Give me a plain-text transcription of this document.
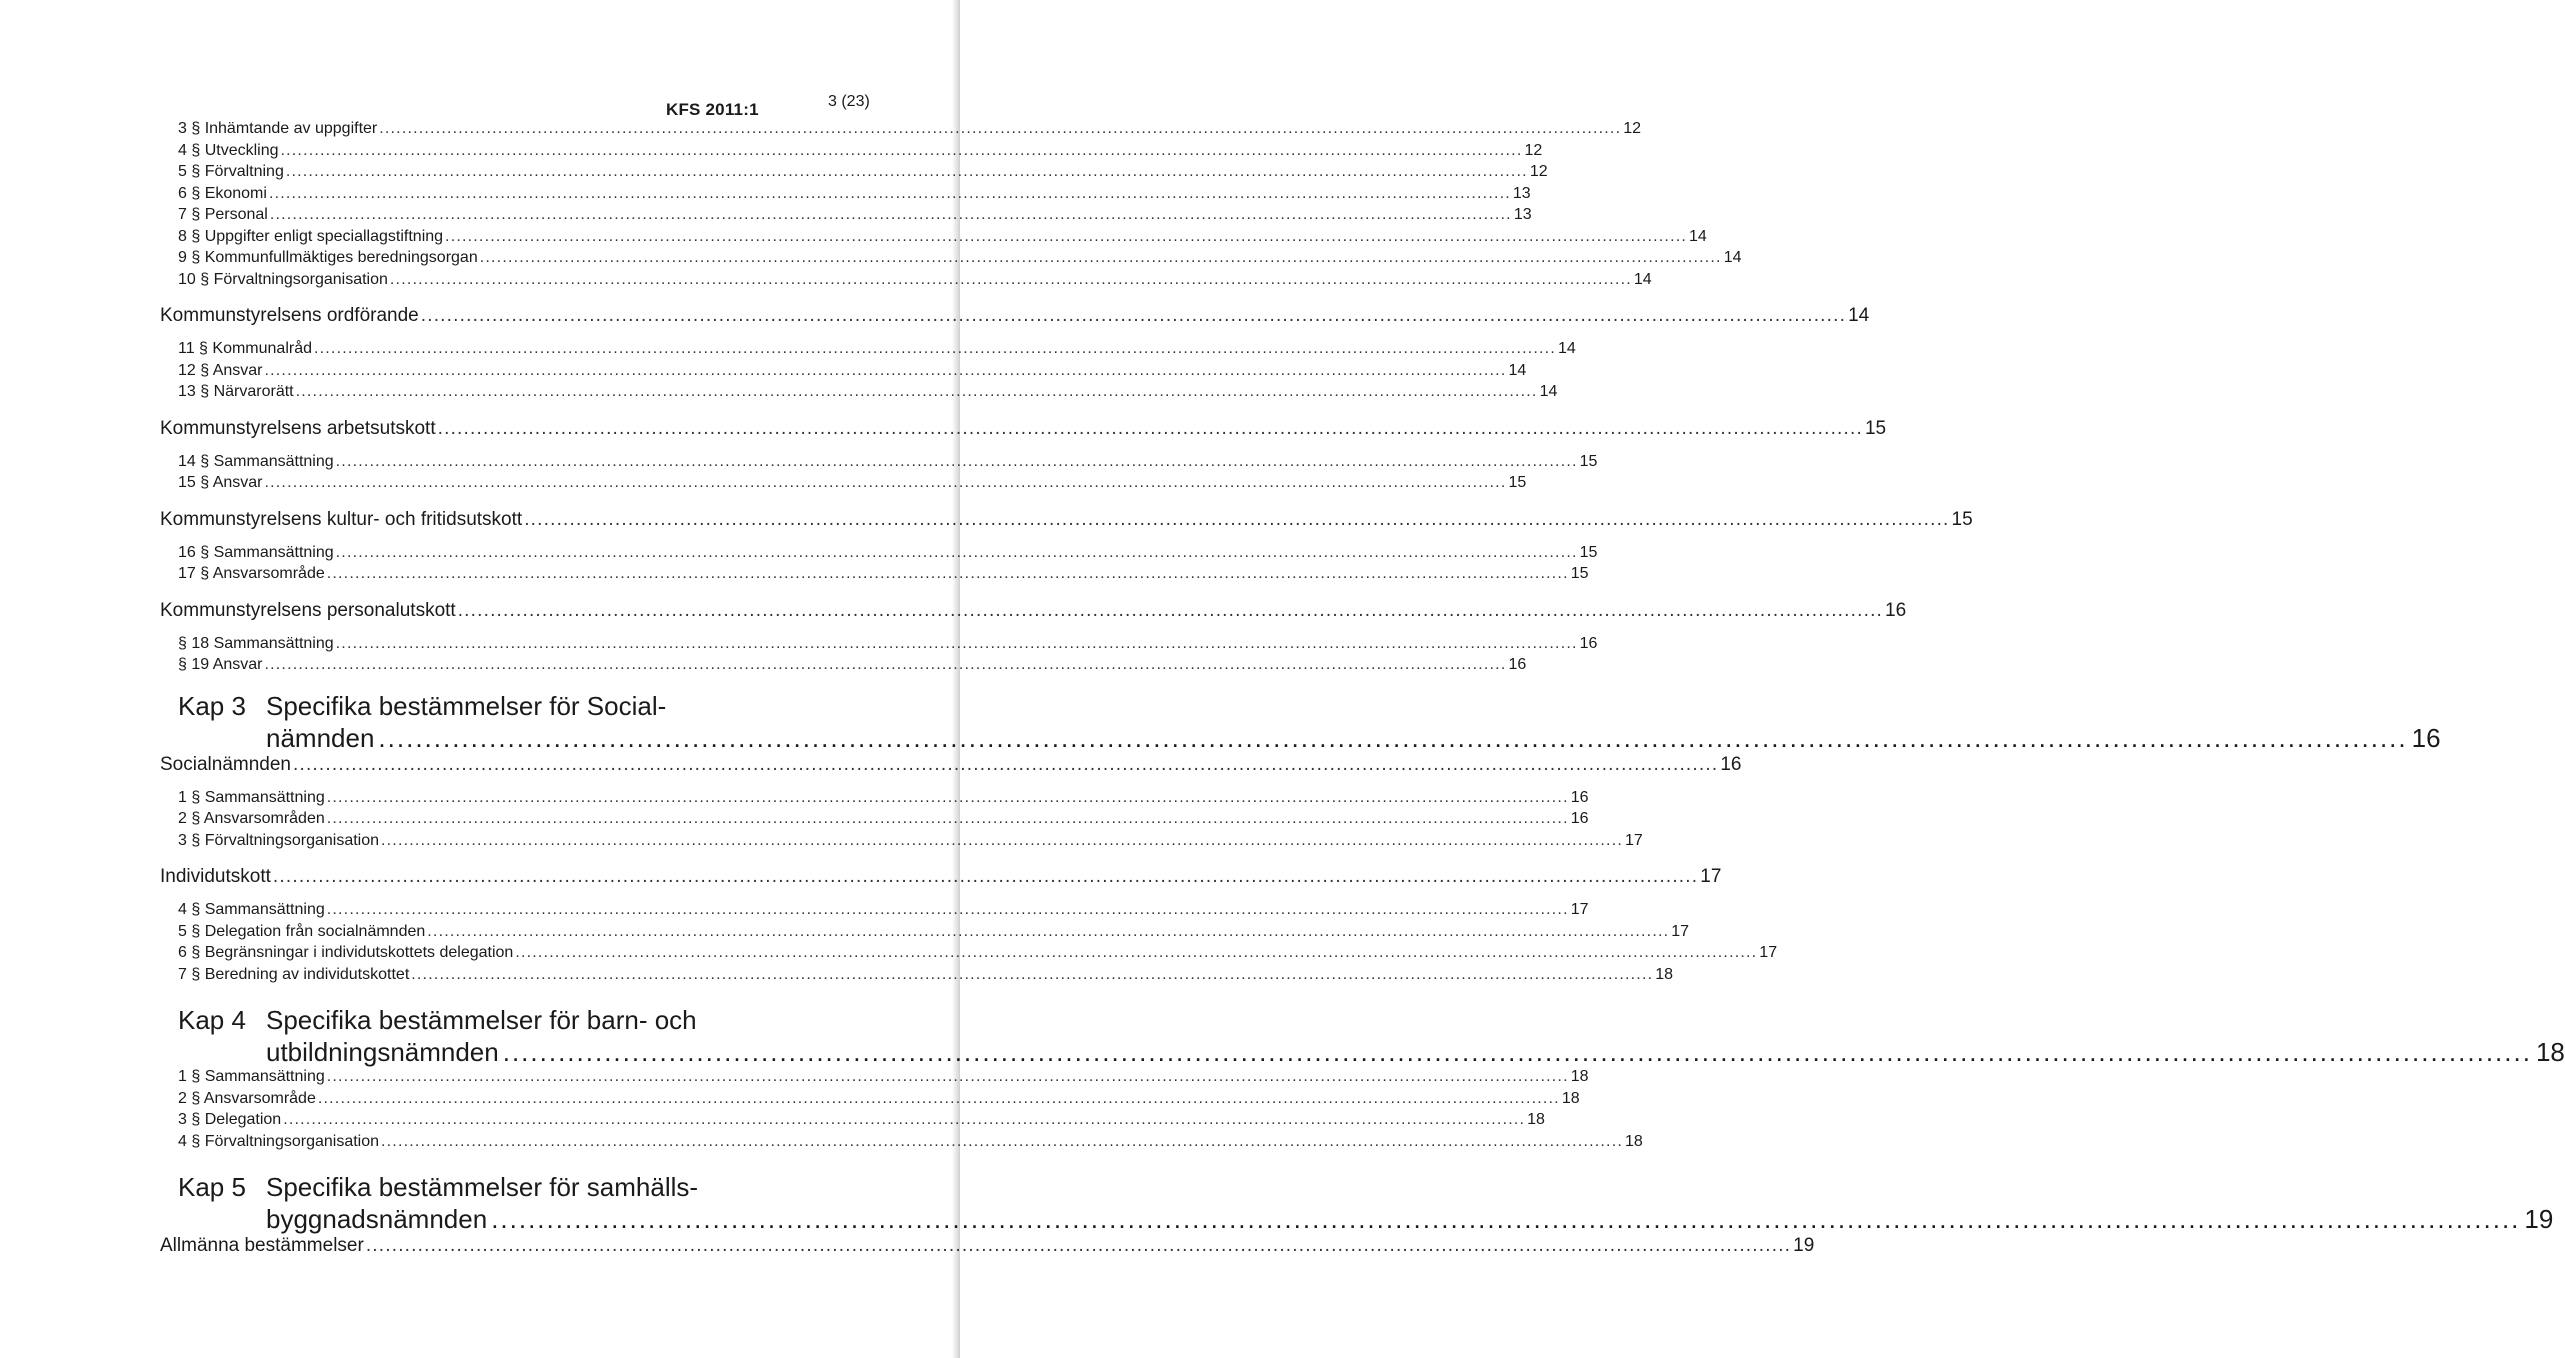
KFS 2011:1	3 (23)
3 § Inhämtande av uppgifter ............................................................................................................................................................................................................................ 12
4 § Utveckling ............................................................................................................................................................................................................................ 12
5 § Förvaltning ............................................................................................................................................................................................................................ 12
6 § Ekonomi ............................................................................................................................................................................................................................ 13
7 § Personal ............................................................................................................................................................................................................................ 13
8 § Uppgifter enligt speciallagstiftning ............................................................................................................................................................................................................................ 14
9 § Kommunfullmäktiges beredningsorgan ............................................................................................................................................................................................................................ 14
10 § Förvaltningsorganisation ............................................................................................................................................................................................................................ 14
Kommunstyrelsens ordförande ............................................................................................................................................................................................................................ 14
11 § Kommunalråd ............................................................................................................................................................................................................................ 14
12 § Ansvar ............................................................................................................................................................................................................................ 14
13 § Närvarorätt ............................................................................................................................................................................................................................ 14
Kommunstyrelsens arbetsutskott ............................................................................................................................................................................................................................ 15
14 § Sammansättning ............................................................................................................................................................................................................................ 15
15 § Ansvar ............................................................................................................................................................................................................................ 15
Kommunstyrelsens kultur- och fritidsutskott ............................................................................................................................................................................................................................ 15
16 § Sammansättning ............................................................................................................................................................................................................................ 15
17 § Ansvarsområde ............................................................................................................................................................................................................................ 15
Kommunstyrelsens personalutskott ............................................................................................................................................................................................................................ 16
§ 18 Sammansättning ............................................................................................................................................................................................................................ 16
§ 19 Ansvar ............................................................................................................................................................................................................................ 16
Kap 3 Specifika bestämmelser för Social-
nämnden ............................................................................................................................................................................................................................ 16
Socialnämnden ............................................................................................................................................................................................................................ 16
1 § Sammansättning ............................................................................................................................................................................................................................ 16
2 § Ansvarsområden ............................................................................................................................................................................................................................ 16
3 § Förvaltningsorganisation ............................................................................................................................................................................................................................ 17
Individutskott ............................................................................................................................................................................................................................ 17
4 § Sammansättning ............................................................................................................................................................................................................................ 17
5 § Delegation från socialnämnden ............................................................................................................................................................................................................................ 17
6 § Begränsningar i individutskottets delegation ............................................................................................................................................................................................................................ 17
7 § Beredning av individutskottet ............................................................................................................................................................................................................................ 18
Kap 4 Specifika bestämmelser för barn- och
utbildningsnämnden ............................................................................................................................................................................................................................ 18
1 § Sammansättning ............................................................................................................................................................................................................................ 18
2 § Ansvarsområde ............................................................................................................................................................................................................................ 18
3 § Delegation ............................................................................................................................................................................................................................ 18
4 § Förvaltningsorganisation ............................................................................................................................................................................................................................ 18
Kap 5 Specifika bestämmelser för samhälls-
byggnadsnämnden ............................................................................................................................................................................................................................ 19
Allmänna bestämmelser ............................................................................................................................................................................................................................ 19
